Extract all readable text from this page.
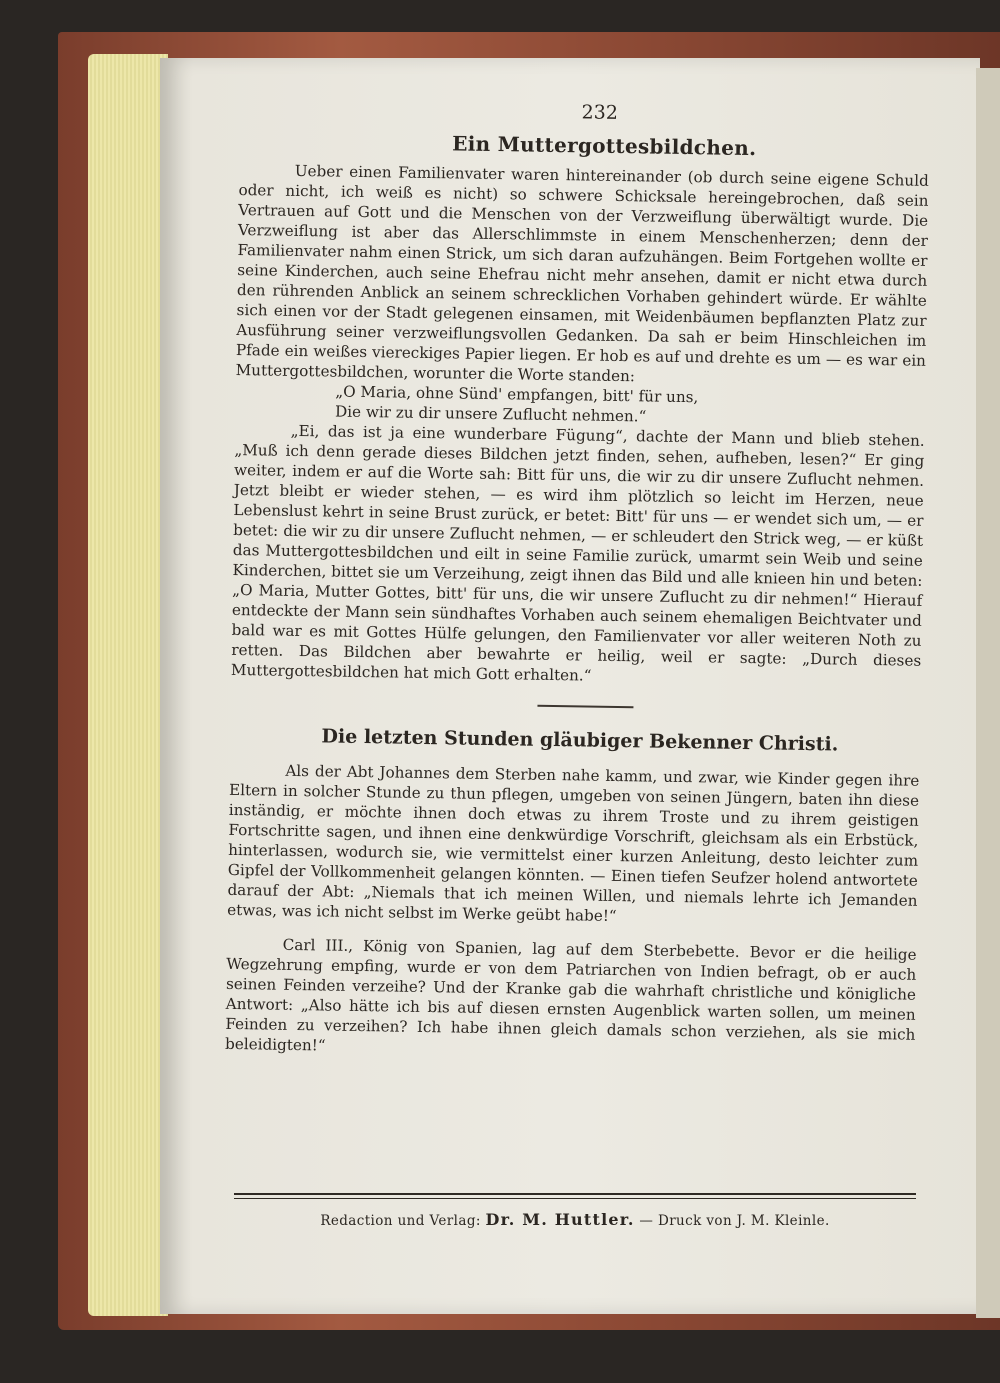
232
Ein Muttergottesbildchen.

Ueber einen Familienvater waren hintereinander (ob durch seine eigene Schuld oder nicht, ich weiß es nicht) so schwere Schicksale hereingebrochen, daß sein Vertrauen auf Gott und die Menschen von der Verzweiflung überwältigt wurde. Die Verzweiflung ist aber das Allerschlimmste in einem Menschenherzen; denn der Familienvater nahm einen Strick, um sich daran aufzuhängen. Beim Fortgehen wollte er seine Kinderchen, auch seine Ehefrau nicht mehr ansehen, damit er nicht etwa durch den rührenden Anblick an seinem schrecklichen Vorhaben gehindert würde. Er wählte sich einen vor der Stadt gelegenen einsamen, mit Weidenbäumen bepflanzten Platz zur Ausführung seiner verzweiflungsvollen Gedanken. Da sah er beim Hinschleichen im Pfade ein weißes viereckiges Papier liegen. Er hob es auf und drehte es um — es war ein Muttergottesbildchen, worunter die Worte standen:

„O Maria, ohne Sünd' empfangen, bitt' für uns,
Die wir zu dir unsere Zuflucht nehmen.“

„Ei, das ist ja eine wunderbare Fügung“, dachte der Mann und blieb stehen. „Muß ich denn gerade dieses Bildchen jetzt finden, sehen, aufheben, lesen?“ Er ging weiter, indem er auf die Worte sah: Bitt für uns, die wir zu dir unsere Zuflucht nehmen. Jetzt bleibt er wieder stehen, — es wird ihm plötzlich so leicht im Herzen, neue Lebenslust kehrt in seine Brust zurück, er betet: Bitt' für uns — er wendet sich um, — er betet: die wir zu dir unsere Zuflucht nehmen, — er schleudert den Strick weg, — er küßt das Muttergottesbildchen und eilt in seine Familie zurück, umarmt sein Weib und seine Kinderchen, bittet sie um Verzeihung, zeigt ihnen das Bild und alle knieen hin und beten: „O Maria, Mutter Gottes, bitt' für uns, die wir unsere Zuflucht zu dir nehmen!“ Hierauf entdeckte der Mann sein sündhaftes Vorhaben auch seinem ehemaligen Beichtvater und bald war es mit Gottes Hülfe gelungen, den Familienvater vor aller weiteren Noth zu retten. Das Bildchen aber bewahrte er heilig, weil er sagte: „Durch dieses Muttergottesbildchen hat mich Gott erhalten.“

Die letzten Stunden gläubiger Bekenner Christi.

Als der Abt Johannes dem Sterben nahe kamm, und zwar, wie Kinder gegen ihre Eltern in solcher Stunde zu thun pflegen, umgeben von seinen Jüngern, baten ihn diese inständig, er möchte ihnen doch etwas zu ihrem Troste und zu ihrem geistigen Fortschritte sagen, und ihnen eine denkwürdige Vorschrift, gleichsam als ein Erbstück, hinterlassen, wodurch sie, wie vermittelst einer kurzen Anleitung, desto leichter zum Gipfel der Vollkommenheit gelangen könnten. — Einen tiefen Seufzer holend antwortete darauf der Abt: „Niemals that ich meinen Willen, und niemals lehrte ich Jemanden etwas, was ich nicht selbst im Werke geübt habe!“

Carl III., König von Spanien, lag auf dem Sterbebette. Bevor er die heilige Wegzehrung empfing, wurde er von dem Patriarchen von Indien befragt, ob er auch seinen Feinden verzeihe? Und der Kranke gab die wahrhaft christliche und königliche Antwort: „Also hätte ich bis auf diesen ernsten Augenblick warten sollen, um meinen Feinden zu verzeihen? Ich habe ihnen gleich damals schon verziehen, als sie mich beleidigten!“

Redaction und Verlag: Dr. M. Huttler. — Druck von J. M. Kleinle.
